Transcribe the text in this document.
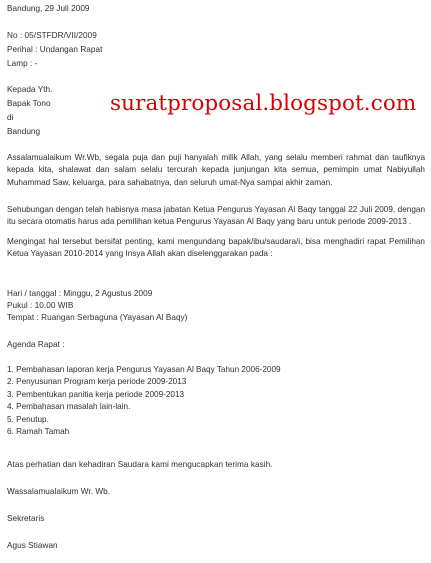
Bandung, 29 Juli 2009
No : 05/STFDR/VII/2009
Perihal : Undangan Rapat
Lamp : -
Kepada Yth.
Bapak Tono
di
Bandung
suratproposal.blogspot.com
Assalamualaikum Wr.Wb, segala puja dan puji hanyalah milik Allah, yang selalu memberi rahmat dan taufiknya kepada kita, shalawat dan salam selalu tercurah kepada junjungan kita semua, pemimpin umat Nabiyullah Muhammad Saw, keluarga, para sahabatnya, dan seluruh umat-Nya sampai akhir zaman.
Sehubungan dengan telah habisnya masa jabatan Ketua Pengurus Yayasan Al Baqy tanggal 22 Juli 2009, dengan itu secara otomatis harus ada pemilihan ketua Pengurus Yayasan Al Baqy yang baru untuk periode 2009-2013 .
Mengingat hal tersebut bersifat penting, kami mengundang bapak/ibu/saudara/i, bisa menghadiri rapat Pemilihan Ketua Yayasan 2010-2014 yang Insya Allah akan diselenggarakan pada :
Hari / tanggal : Minggu, 2 Agustus 2009
Pukul : 10.00 WIB
Tempat : Ruangan Serbaguna (Yayasan Al Baqy)
Agenda Rapat :
1. Pembahasan laporan kerja Pengurus Yayasan Al Baqy Tahun 2006-2009
2. Penyusunan Program kerja periode 2009-2013
3. Pembentukan panitia kerja periode 2009-2013
4. Pembahasan masalah lain-lain.
5. Penutup.
6. Ramah Tamah
Atas perhatian dan kehadiran Saudara kami mengucapkan terima kasih.
Wassalamualaikum Wr. Wb.
Sekretaris
Agus Stiawan
